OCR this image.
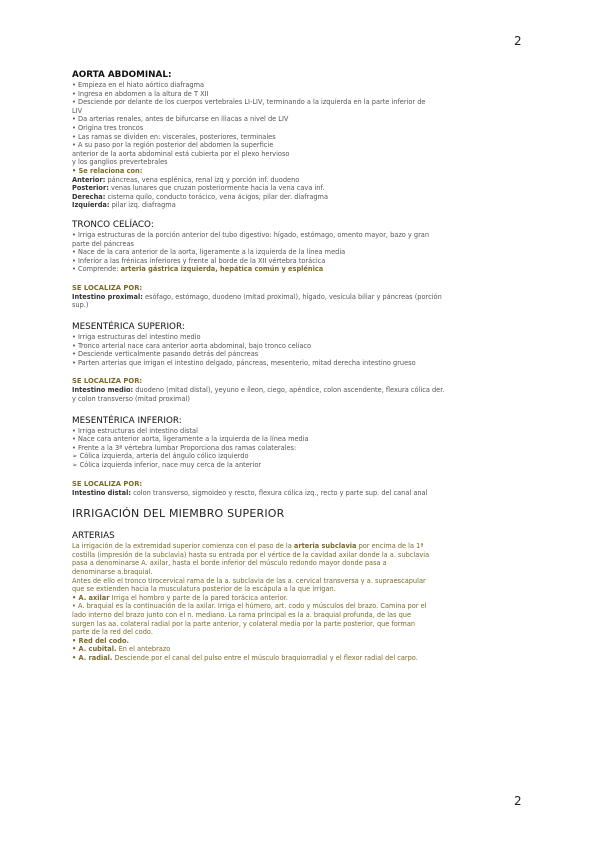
2

AORTA ABDOMINAL:

• Empieza en el hiato aórtico diafragma

• Ingresa en abdomen a la altura de T XII

• Desciende por delante de los cuerpos vertebrales LI-LIV, terminando a la izquierda en la parte inferior de

LIV

• Da arterias renales, antes de bifurcarse en iliacas a nivel de LIV

• Origina tres troncos

• Las ramas se dividen en: viscerales, posteriores, terminales

• A su paso por la región posterior del abdomen la superficie

anterior de la aorta abdominal está cubierta por el plexo hervioso

y los ganglios prevertebrales

• Se relaciona con:

Anterior: páncreas, vena esplénica, renal izq y porción inf. duodeno

Posterior: venas lunares que cruzan posteriormente hacia la vena cava inf.

Derecha: cisterna quilo, conducto torácico, vena ácigos, pilar der. diafragma

Izquierda: pilar izq. diafragma

TRONCO CELÍACO:

• Irriga estructuras de la porción anterior del tubo digestivo: hígado, estómago, omento mayor, bazo y gran

parte del páncreas

• Nace de la cara anterior de la aorta, ligeramente a la izquierda de la línea media

• Inferior a las frénicas inferiores y frente al borde de la XII vértebra torácica

• Comprende: arteria gástrica izquierda, hepática común y esplénica

SE LOCALIZA POR:

Intestino proximal: esófago, estómago, duodeno (mitad proximal), hígado, vesícula biliar y páncreas (porción

sup.)

MESENTÉRICA SUPERIOR:

• Irriga estructuras del intestino medio

• Tronco arterial nace cara anterior aorta abdominal, bajo tronco celíaco

• Desciende verticalmente pasando detrás del páncreas

• Parten arterias que irrigan el intestino delgado, páncreas, mesenterio, mitad derecha intestino grueso

SE LOCALIZA POR:

Intestino medio: duodeno (mitad distal), yeyuno e íleon, ciego, apéndice, colon ascendente, flexura cólica der.

y colon transverso (mitad proximal)

MESENTÉRICA INFERIOR:

• Irriga estructuras del intestino distal

• Nace cara anterior aorta, ligeramente a la izquierda de la línea media

• Frente a la 3ª vértebra lumbar Proporciona dos ramas colaterales:

➢ Cólica izquierda, arteria del ángulo cólico izquierdo

➢ Cólica izquierda inferior, nace muy cerca de la anterior

SE LOCALIZA POR:

Intestino distal: colon transverso, sigmoideo y rescto, flexura cólica izq., recto y parte sup. del canal anal

IRRIGACIÓN DEL MIEMBRO SUPERIOR

ARTERIAS

La irrigación de la extremidad superior comienza con el paso de la arteria subclavia por encima de la 1ª

costilla (impresión de la subclavia) hasta su entrada por el vértice de la cavidad axilar donde la a. subclavia

pasa a denominarse A. axilar, hasta el borde inferior del músculo redondo mayor donde pasa a

denominarse a.braquial.

Antes de ello el tronco tirocervical rama de la a. subclavia de las a. cervical transversa y a. supraescapular

que se extienden hacia la musculatura posterior de la escápula a la que irrigan.

• A. axilar Irriga el hombro y parte de la pared torácica anterior.

• A. braquial es la continuación de la axilar. Irriga el húmero, art. codo y músculos del brazo. Camina por el

lado interno del brazo junto con el n. mediano. La rama principal es la a. braquial profunda, de las que

surgen las aa. colateral radial por la parte anterior, y colateral media por la parte posterior, que forman

parte de la red del codo.

• Red del codo.

• A. cubital. En el antebrazo

• A. radial. Desciende por el canal del pulso entre el músculo braquiorradial y el flexor radial del carpo.

2
